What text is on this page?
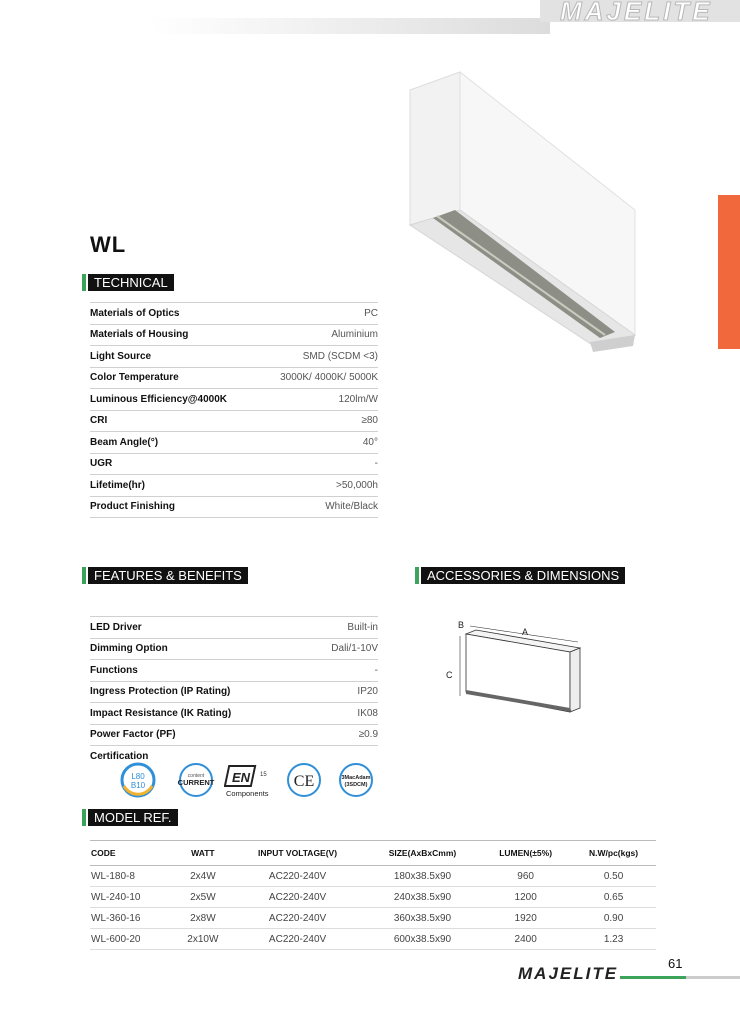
MAJELITE
WL
TECHNICAL
Materials of Optics	PC
Materials of Housing	Aluminium
Light Source	SMD (SCDM <3)
Color Temperature	3000K/ 4000K/ 5000K
Luminous Efficiency@4000K	120lm/W
CRI	≥80
Beam Angle(°)	40°
UGR	-
Lifetime(hr)	>50,000h
Product Finishing	White/Black
FEATURES & BENEFITS
LED Driver	Built-in
Dimming Option	Dali/1-10V
Functions	-
Ingress Protection (IP Rating)	IP20
Impact Resistance (IK Rating)	IK08
Power Factor (PF)	≥0.9
Certification
L80
B10
content
CURRENT EN 15
Components
CE	3MacAdam
(3SDCM)
ACCESSORIES & DIMENSIONS
B
A
C
MODEL REF.
CODE	WATT	INPUT VOLTAGE(V)	SIZE(AxBxCmm)	LUMEN(±5%)	N.W/pc(kgs)
WL-180-8	2x4W	AC220-240V	180x38.5x90	960	0.50
WL-240-10	2x5W	AC220-240V	240x38.5x90	1200	0.65
WL-360-16	2x8W	AC220-240V	360x38.5x90	1920	0.90
WL-600-20	2x10W	AC220-240V	600x38.5x90	2400	1.23
61
MAJELITE
